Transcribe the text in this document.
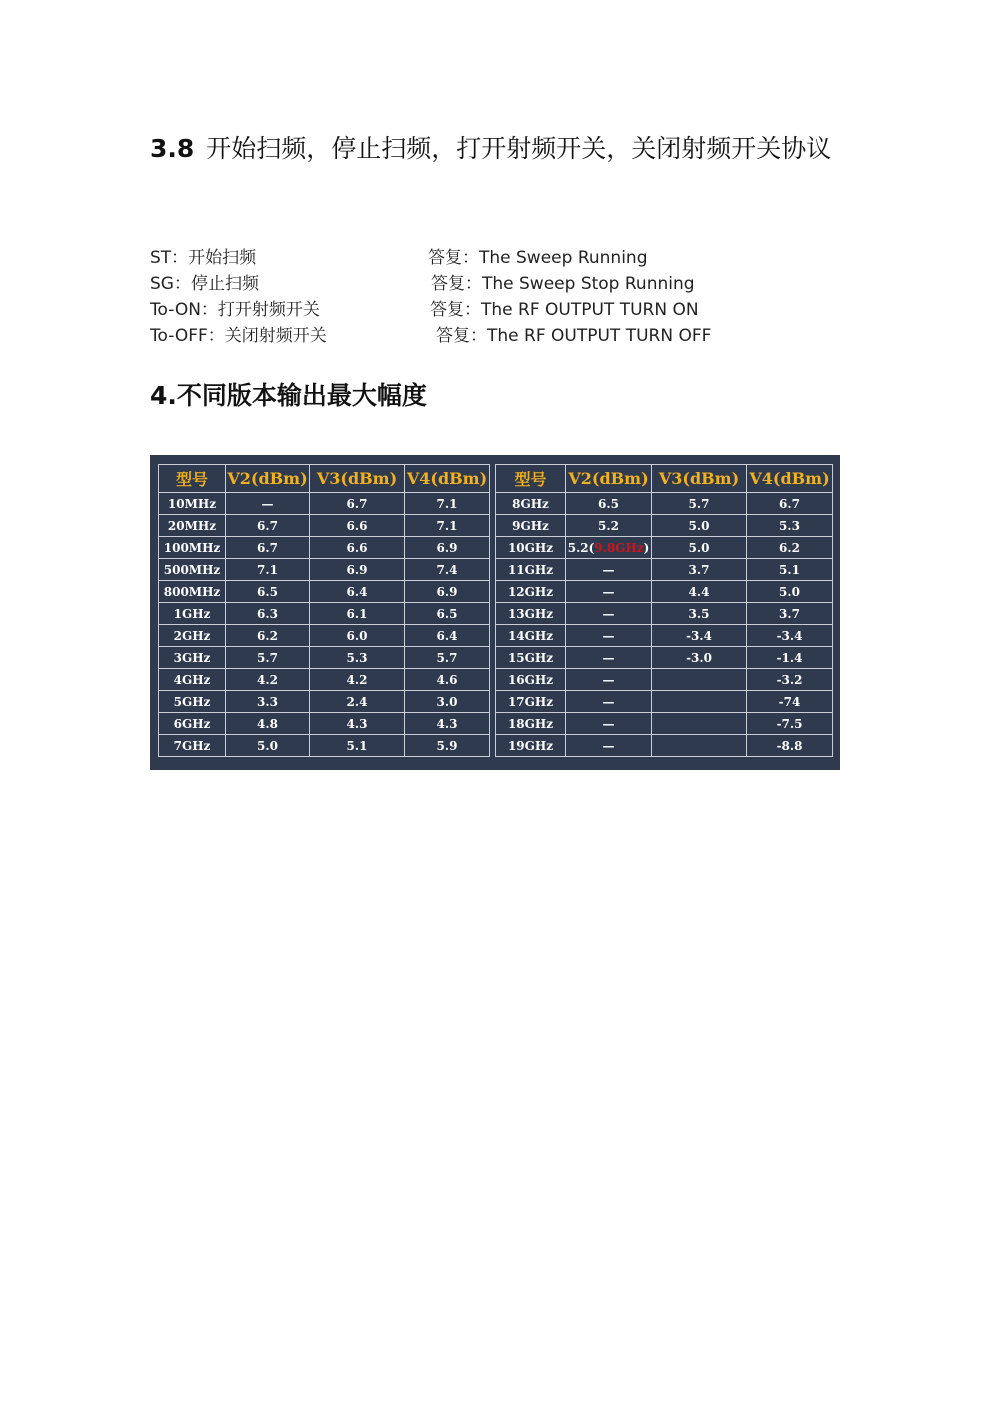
3.8 开始扫频，停止扫频，打开射频开关，关闭射频开关协议
ST：开始扫频	答复：The Sweep Running
SG：停止扫频	答复：The Sweep Stop Running
To-ON：打开射频开关	答复：The RF OUTPUT TURN ON
To-OFF：关闭射频开关	答复：The RF OUTPUT TURN OFF
4.不同版本输出最大幅度
型号	V2(dBm)	V3(dBm)	V4(dBm)
10MHz	—	6.7	7.1
20MHz	6.7	6.6	7.1
100MHz	6.7	6.6	6.9
500MHz	7.1	6.9	7.4
800MHz	6.5	6.4	6.9
1GHz	6.3	6.1	6.5
2GHz	6.2	6.0	6.4
3GHz	5.7	5.3	5.7
4GHz	4.2	4.2	4.6
5GHz	3.3	2.4	3.0
6GHz	4.8	4.3	4.3
7GHz	5.0	5.1	5.9
型号	V2(dBm)	V3(dBm)	V4(dBm)
8GHz	6.5	5.7	6.7
9GHz	5.2	5.0	5.3
10GHz	5.2(9.8GHz)	5.0	6.2
11GHz	—	3.7	5.1
12GHz	—	4.4	5.0
13GHz	—	3.5	3.7
14GHz	—	-3.4	-3.4
15GHz	—	-3.0	-1.4
16GHz	—		-3.2
17GHz	—		-74
18GHz	—		-7.5
19GHz	—		-8.8
